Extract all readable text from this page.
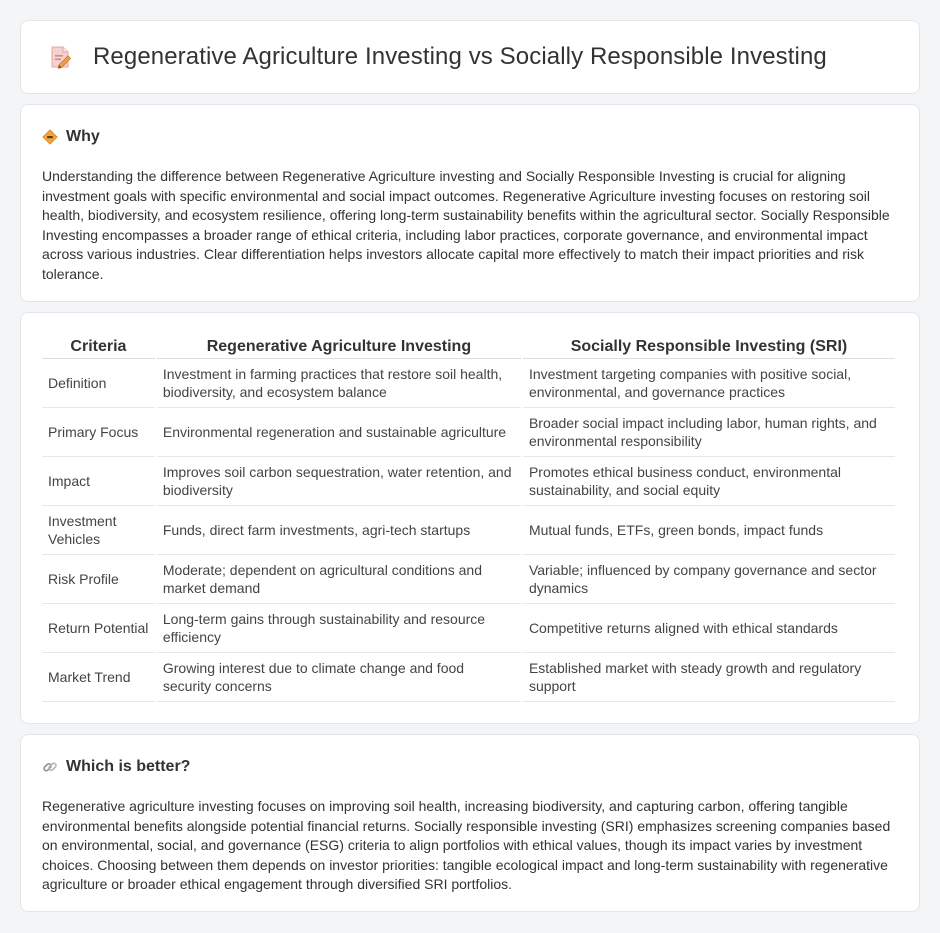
Regenerative Agriculture Investing vs Socially Responsible Investing
Why

Understanding the difference between Regenerative Agriculture investing and Socially Responsible Investing is crucial for aligning investment goals with specific environmental and social impact outcomes. Regenerative Agriculture investing focuses on restoring soil health, biodiversity, and ecosystem resilience, offering long-term sustainability benefits within the agricultural sector. Socially Responsible Investing encompasses a broader range of ethical criteria, including labor practices, corporate governance, and environmental impact across various industries. Clear differentiation helps investors allocate capital more effectively to match their impact priorities and risk tolerance.

Criteria	Regenerative Agriculture Investing	Socially Responsible Investing (SRI)
Definition	Investment in farming practices that restore soil health, biodiversity, and ecosystem balance	Investment targeting companies with positive social, environmental, and governance practices
Primary Focus	Environmental regeneration and sustainable agriculture	Broader social impact including labor, human rights, and environmental responsibility
Impact	Improves soil carbon sequestration, water retention, and biodiversity	Promotes ethical business conduct, environmental sustainability, and social equity
Investment Vehicles	Funds, direct farm investments, agri-tech startups	Mutual funds, ETFs, green bonds, impact funds
Risk Profile	Moderate; dependent on agricultural conditions and market demand	Variable; influenced by company governance and sector dynamics
Return Potential	Long-term gains through sustainability and resource efficiency	Competitive returns aligned with ethical standards
Market Trend	Growing interest due to climate change and food security concerns	Established market with steady growth and regulatory support
Which is better?

Regenerative agriculture investing focuses on improving soil health, increasing biodiversity, and capturing carbon, offering tangible environmental benefits alongside potential financial returns. Socially responsible investing (SRI) emphasizes screening companies based on environmental, social, and governance (ESG) criteria to align portfolios with ethical values, though its impact varies by investment choices. Choosing between them depends on investor priorities: tangible ecological impact and long-term sustainability with regenerative agriculture or broader ethical engagement through diversified SRI portfolios.
